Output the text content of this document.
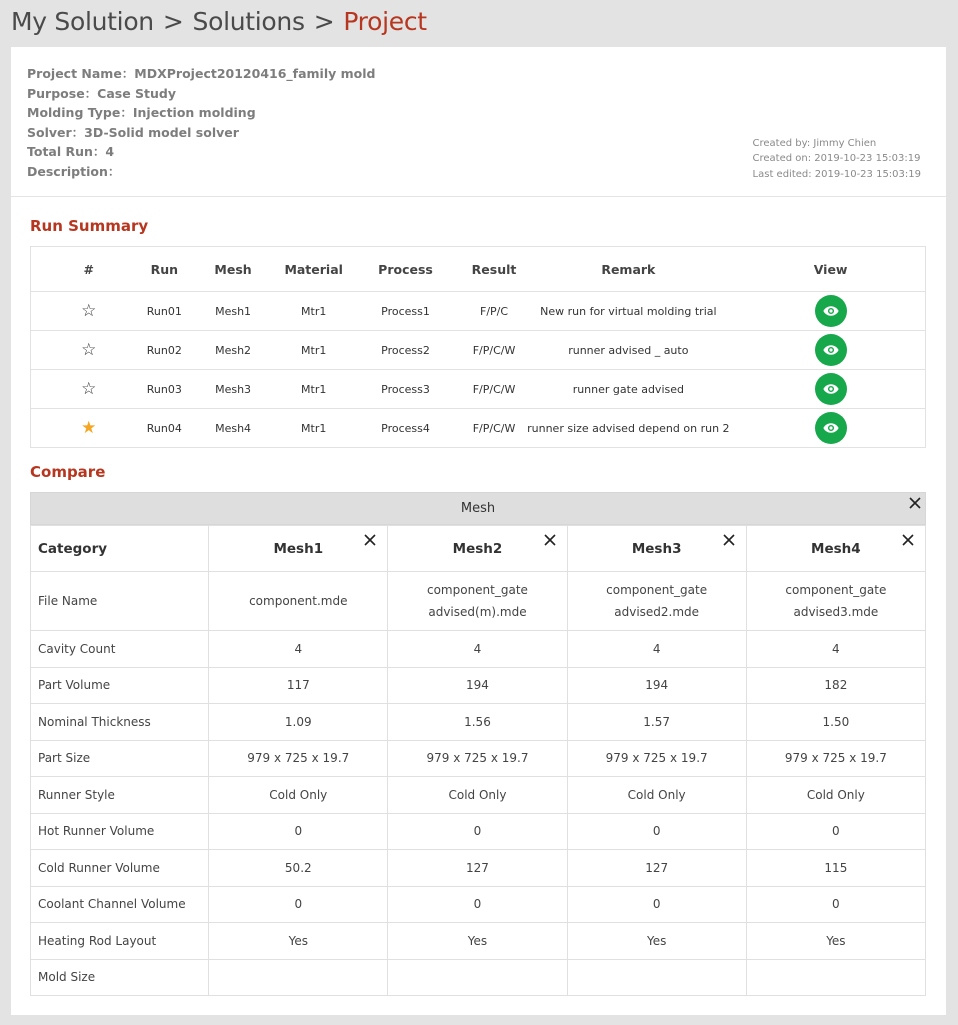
My Solution > Solutions > Project
Project Name：MDXProject20120416_family mold
Purpose：Case Study
Molding Type：Injection molding
Solver：3D-Solid model solver
Total Run：4
Description：
Created by: Jimmy Chien
Created on: 2019-10-23 15:03:19
Last edited: 2019-10-23 15:03:19
Run Summary
#	Run	Mesh	Material	Process	Result	Remark	View
☆	Run01	Mesh1	Mtr1	Process1	F/P/C	New run for virtual molding trial	

☆	Run02	Mesh2	Mtr1	Process2	F/P/C/W	runner advised _ auto	

☆	Run03	Mesh3	Mtr1	Process3	F/P/C/W	runner gate advised	

★	Run04	Mesh4	Mtr1	Process4	F/P/C/W	runner size advised depend on run 2	
Compare
Mesh
Category	Mesh1	Mesh2	Mesh3	Mesh4

File Name	component.mde	component_gate advised(m).mde	component_gate advised2.mde	component_gate advised3.mde
Cavity Count	4	4	4	4
Part Volume	117	194	194	182
Nominal Thickness	1.09	1.56	1.57	1.50
Part Size	979 x 725 x 19.7	979 x 725 x 19.7	979 x 725 x 19.7	979 x 725 x 19.7
Runner Style	Cold Only	Cold Only	Cold Only	Cold Only
Hot Runner Volume	0	0	0	0
Cold Runner Volume	50.2	127	127	115
Coolant Channel Volume	0	0	0	0
Heating Rod Layout	Yes	Yes	Yes	Yes
Mold Size				
